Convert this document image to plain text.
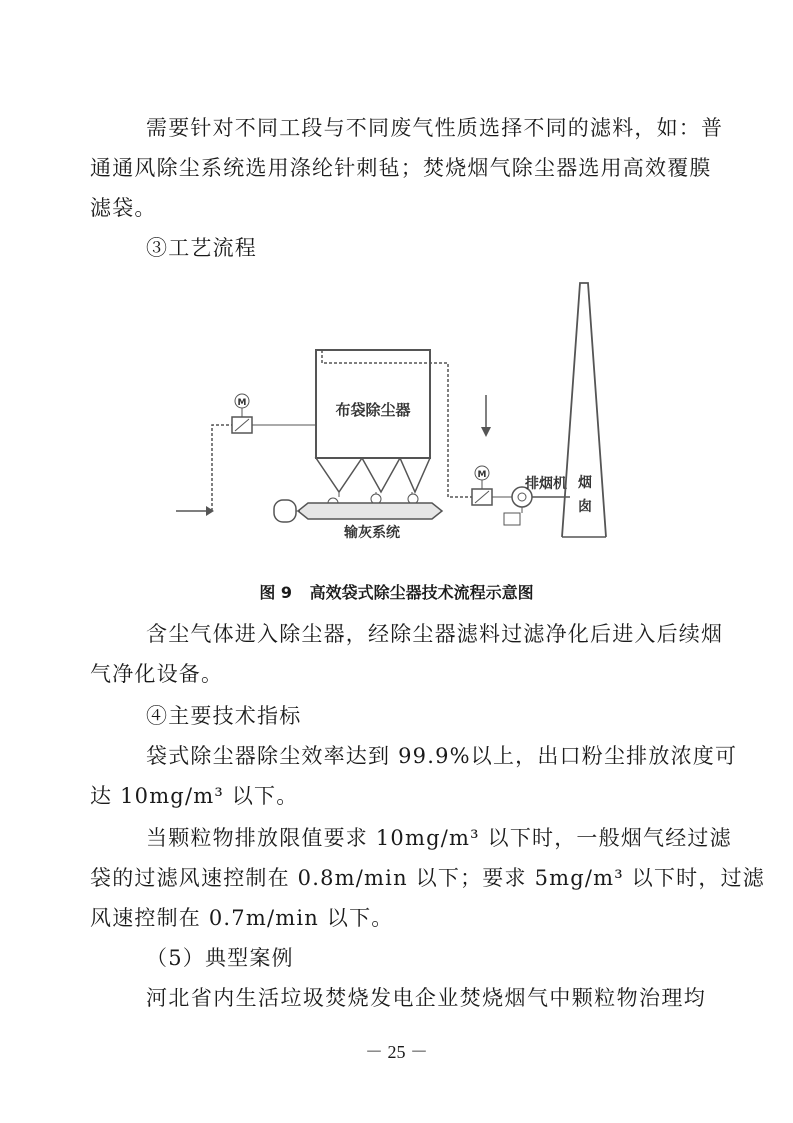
需要针对不同工段与不同废气性质选择不同的滤料，如：普
通通风除尘系统选用涤纶针刺毡；焚烧烟气除尘器选用高效覆膜
滤袋。
③工艺流程
M
M
排烟机 烟
囱
布袋除尘器
输灰系统
图 9 高效袋式除尘器技术流程示意图
含尘气体进入除尘器，经除尘器滤料过滤净化后进入后续烟
气净化设备。
④主要技术指标
袋式除尘器除尘效率达到 99.9%以上，出口粉尘排放浓度可
达 10mg/m³ 以下。
当颗粒物排放限值要求 10mg/m³ 以下时，一般烟气经过滤
袋的过滤风速控制在 0.8m/min 以下；要求 5mg/m³ 以下时，过滤
风速控制在 0.7m/min 以下。
（5）典型案例
河北省内生活垃圾焚烧发电企业焚烧烟气中颗粒物治理均
－ 25 －
